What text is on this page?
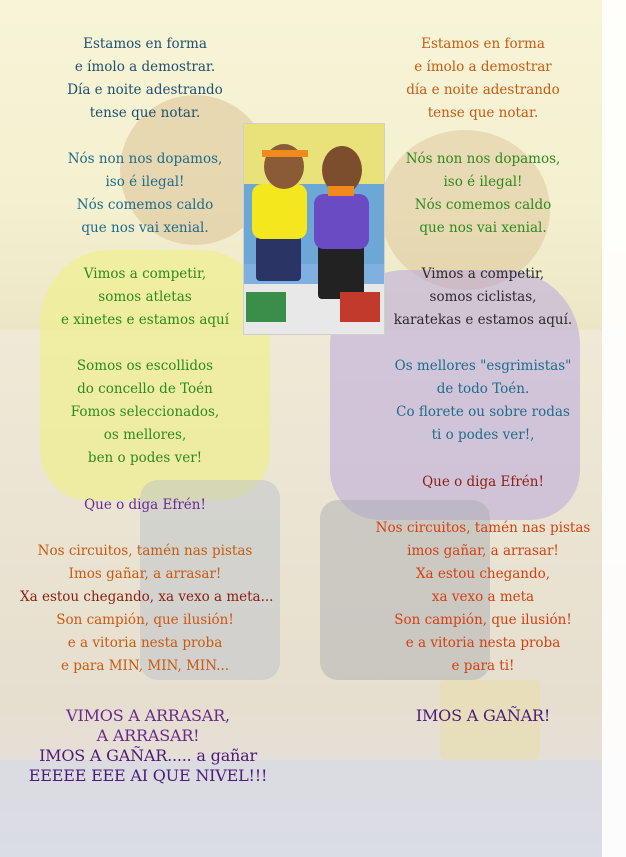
Estamos en forma
e ímolo a demostrar.
Día e noite adestrando
tense que notar.
Nós non nos dopamos,
iso é ilegal!
Nós comemos caldo
que nos vai xenial.
Vimos a competir,
somos atletas
e xinetes e estamos aquí
Somos os escollidos
do concello de Toén
Fomos seleccionados,
os mellores,
ben o podes ver!
Que o diga Efrén!
Nos circuitos, tamén nas pistas
Imos gañar, a arrasar!
Xa estou chegando, xa vexo a meta...
Son campión, que ilusión!
e a vitoria nesta proba
e para MIN, MIN, MIN...
VIMOS A ARRASAR,
A ARRASAR!
IMOS A GAÑAR..... a gañar
EEEEE EEE AI QUE NIVEL!!!
Estamos en forma
e ímolo a demostrar
día e noite adestrando
tense que notar.
Nós non nos dopamos,
iso é ilegal!
Nós comemos caldo
que nos vai xenial.
Vimos a competir,
somos ciclistas,
karatekas e estamos aquí.
Os mellores "esgrimistas"
de todo Toén.
Co florete ou sobre rodas
ti o podes ver!,
Que o diga Efrén!
Nos circuitos, tamén nas pistas
imos gañar, a arrasar!
Xa estou chegando,
xa vexo a meta
Son campión, que ilusión!
e a vitoria nesta proba
e para ti!
IMOS A GAÑAR!
